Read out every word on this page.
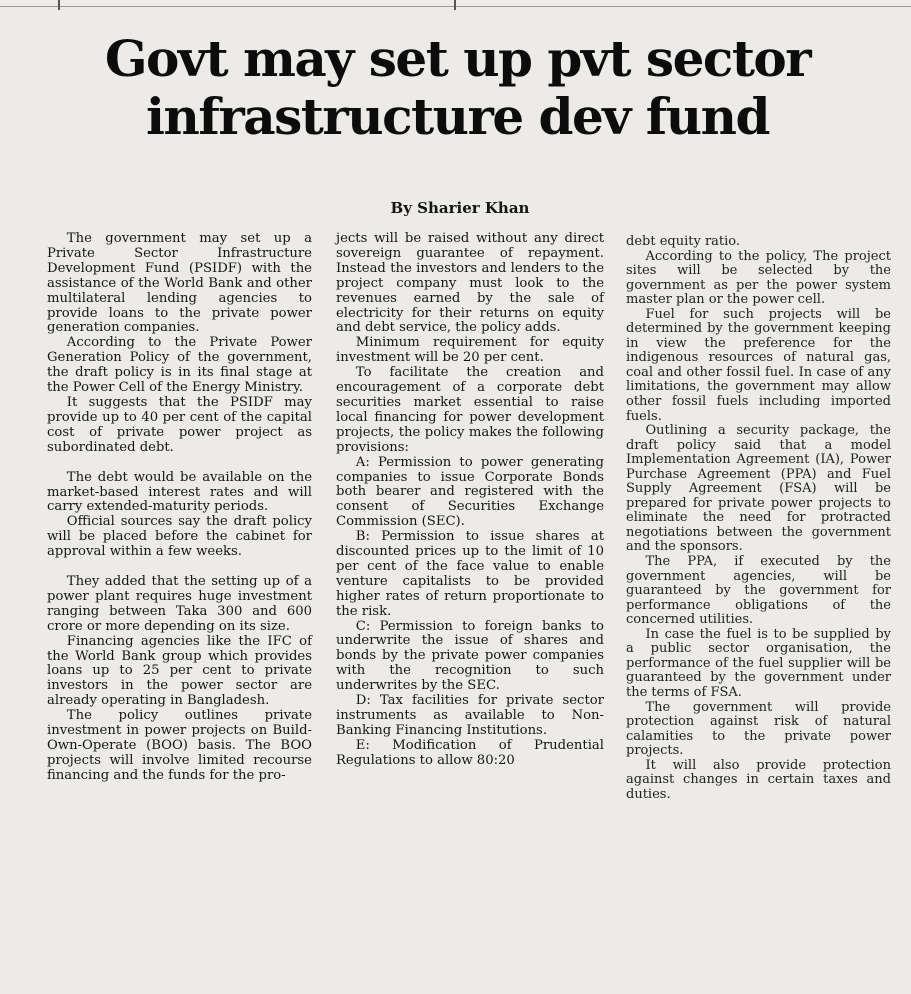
Govt may set up pvt sector infrastructure dev fund

By Sharier Khan

The government may set up a Private Sector Infrastructure Development Fund (PSIDF) with the assistance of the World Bank and other multilateral lending agencies to provide loans to the private power generation companies.

According to the Private Power Generation Policy of the government, the draft policy is in its final stage at the Power Cell of the Energy Ministry.

It suggests that the PSIDF may provide up to 40 per cent of the capital cost of private power project as subordinated debt.

The debt would be available on the market-based interest rates and will carry extended-maturity periods.

Official sources say the draft policy will be placed before the cabinet for approval within a few weeks.

They added that the setting up of a power plant requires huge investment ranging between Taka 300 and 600 crore or more depending on its size.

Financing agencies like the IFC of the World Bank group which provides loans up to 25 per cent to private investors in the power sector are already operating in Bangladesh.

The policy outlines private investment in power projects on Build-Own-Operate (BOO) basis. The BOO projects will involve limited recourse financing and the funds for the pro-

jects will be raised without any direct sovereign guarantee of repayment. Instead the investors and lenders to the project company must look to the revenues earned by the sale of electricity for their returns on equity and debt service, the policy adds.

Minimum requirement for equity investment will be 20 per cent.

To facilitate the creation and encouragement of a corporate debt securities market essential to raise local financing for power development projects, the policy makes the following provisions:

A: Permission to power generating companies to issue Corporate Bonds both bearer and registered with the consent of Securities Exchange Commission (SEC).

B: Permission to issue shares at discounted prices up to the limit of 10 per cent of the face value to enable venture capitalists to be provided higher rates of return proportionate to the risk.

C: Permission to foreign banks to underwrite the issue of shares and bonds by the private power companies with the recognition to such underwrites by the SEC.

D: Tax facilities for private sector instruments as available to Non-Banking Financing Institutions.

E: Modification of Prudential Regulations to allow 80:20

debt equity ratio.

According to the policy, The project sites will be selected by the government as per the power system master plan or the power cell.

Fuel for such projects will be determined by the government keeping in view the preference for the indigenous resources of natural gas, coal and other fossil fuel. In case of any limitations, the government may allow other fossil fuels including imported fuels.

Outlining a security package, the draft policy said that a model Implementation Agreement (IA), Power Purchase Agreement (PPA) and Fuel Supply Agreement (FSA) will be prepared for private power projects to eliminate the need for protracted negotiations between the government and the sponsors.

The PPA, if executed by the government agencies, will be guaranteed by the government for performance obligations of the concerned utilities.

In case the fuel is to be supplied by a public sector organisation, the performance of the fuel supplier will be guaranteed by the government under the terms of FSA.

The government will provide protection against risk of natural calamities to the private power projects.

It will also provide protection against changes in certain taxes and duties.
